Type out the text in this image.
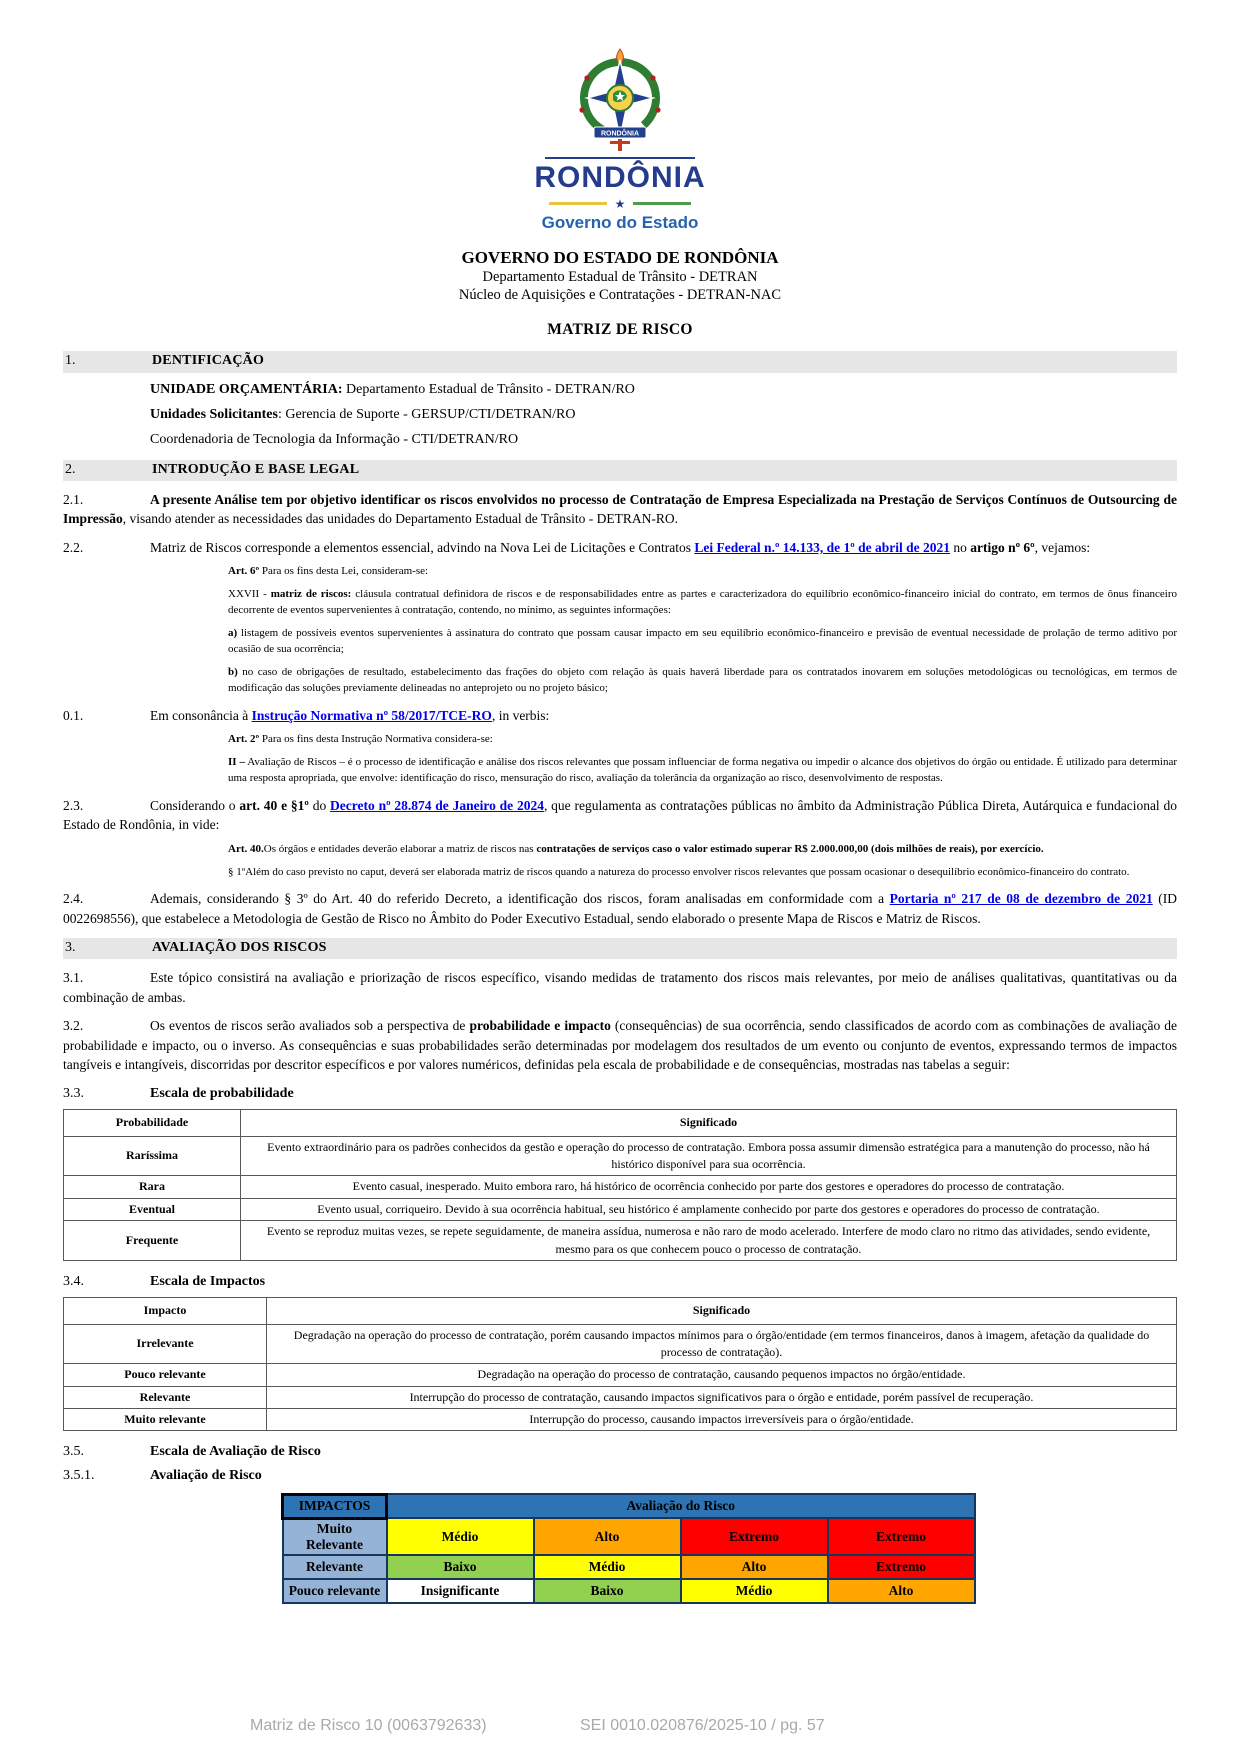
RONDÔNIA
RONDÔNIA
★
Governo do Estado
GOVERNO DO ESTADO DE RONDÔNIA
Departamento Estadual de Trânsito - DETRAN
Núcleo de Aquisições e Contratações - DETRAN-NAC
MATRIZ DE RISCO
1.	DENTIFICAÇÃO
UNIDADE ORÇAMENTÁRIA: Departamento Estadual de Trânsito - DETRAN/RO
Unidades Solicitantes: Gerencia de Suporte - GERSUP/CTI/DETRAN/RO
Coordenadoria de Tecnologia da Informação - CTI/DETRAN/RO
2.	INTRODUÇÃO E BASE LEGAL

2.1.	A presente Análise tem por objetivo identificar os riscos envolvidos no processo de Contratação de Empresa Especializada na Prestação de Serviços Contínuos de Outsourcing de Impressão, visando atender as necessidades das unidades do Departamento Estadual de Trânsito - DETRAN-RO.

2.2.	Matriz de Riscos corresponde a elementos essencial, advindo na Nova Lei de Licitações e Contratos Lei Federal n.º 14.133, de 1º de abril de 2021 no artigo nº 6º, vejamos:

Art. 6º Para os fins desta Lei, consideram-se:

XXVII - matriz de riscos: cláusula contratual definidora de riscos e de responsabilidades entre as partes e caracterizadora do equilíbrio econômico-financeiro inicial do contrato, em termos de ônus financeiro decorrente de eventos supervenientes à contratação, contendo, no mínimo, as seguintes informações:

a) listagem de possíveis eventos supervenientes à assinatura do contrato que possam causar impacto em seu equilíbrio econômico-financeiro e previsão de eventual necessidade de prolação de termo aditivo por ocasião de sua ocorrência;

b) no caso de obrigações de resultado, estabelecimento das frações do objeto com relação às quais haverá liberdade para os contratados inovarem em soluções metodológicas ou tecnológicas, em termos de modificação das soluções previamente delineadas no anteprojeto ou no projeto básico;

0.1.	Em consonância à Instrução Normativa nº 58/2017/TCE-RO, in verbis:

Art. 2º Para os fins desta Instrução Normativa considera-se:

II – Avaliação de Riscos – é o processo de identificação e análise dos riscos relevantes que possam influenciar de forma negativa ou impedir o alcance dos objetivos do órgão ou entidade. É utilizado para determinar uma resposta apropriada, que envolve: identificação do risco, mensuração do risco, avaliação da tolerância da organização ao risco, desenvolvimento de respostas.

2.3.	Considerando o art. 40 e §1º do Decreto nº 28.874 de Janeiro de 2024, que regulamenta as contratações públicas no âmbito da Administração Pública Direta, Autárquica e fundacional do Estado de Rondônia, in vide:

Art. 40.Os órgãos e entidades deverão elaborar a matriz de riscos nas contratações de serviços caso o valor estimado superar R$ 2.000.000,00 (dois milhões de reais), por exercício.

§ 1ºAlém do caso previsto no caput, deverá ser elaborada matriz de riscos quando a natureza do processo envolver riscos relevantes que possam ocasionar o desequilíbrio econômico-financeiro do contrato.

2.4.	Ademais, considerando § 3º do Art. 40 do referido Decreto, a identificação dos riscos, foram analisadas em conformidade com a Portaria nº 217 de 08 de dezembro de 2021 (ID 0022698556), que estabelece a Metodologia de Gestão de Risco no Âmbito do Poder Executivo Estadual, sendo elaborado o presente Mapa de Riscos e Matriz de Riscos.

3.	AVALIAÇÃO DOS RISCOS

3.1.	Este tópico consistirá na avaliação e priorização de riscos específico, visando medidas de tratamento dos riscos mais relevantes, por meio de análises qualitativas, quantitativas ou da combinação de ambas.

3.2.	Os eventos de riscos serão avaliados sob a perspectiva de probabilidade e impacto (consequências) de sua ocorrência, sendo classificados de acordo com as combinações de avaliação de probabilidade e impacto, ou o inverso. As consequências e suas probabilidades serão determinadas por modelagem dos resultados de um evento ou conjunto de eventos, expressando termos de impactos tangíveis e intangíveis, discorridas por descritor específicos e por valores numéricos, definidas pela escala de probabilidade e de consequências, mostradas nas tabelas a seguir:

3.3.	Escala de probabilidade
Probabilidade	Significado
Raríssima	Evento extraordinário para os padrões conhecidos da gestão e operação do processo de contratação. Embora possa assumir dimensão estratégica para a manutenção do processo, não há histórico disponível para sua ocorrência.
Rara	Evento casual, inesperado. Muito embora raro, há histórico de ocorrência conhecido por parte dos gestores e operadores do processo de contratação.
Eventual	Evento usual, corriqueiro. Devido à sua ocorrência habitual, seu histórico é amplamente conhecido por parte dos gestores e operadores do processo de contratação.
Frequente	Evento se reproduz muitas vezes, se repete seguidamente, de maneira assídua, numerosa e não raro de modo acelerado. Interfere de modo claro no ritmo das atividades, sendo evidente, mesmo para os que conhecem pouco o processo de contratação.
3.4.	Escala de Impactos
Impacto	Significado
Irrelevante	Degradação na operação do processo de contratação, porém causando impactos mínimos para o órgão/entidade (em termos financeiros, danos à imagem, afetação da qualidade do processo de contratação).
Pouco relevante	Degradação na operação do processo de contratação, causando pequenos impactos no órgão/entidade.
Relevante	Interrupção do processo de contratação, causando impactos significativos para o órgão e entidade, porém passível de recuperação.
Muito relevante	Interrupção do processo, causando impactos irreversíveis para o órgão/entidade.
3.5.	Escala de Avaliação de Risco
3.5.1.	Avaliação de Risco
IMPACTOS	Avaliação do Risco			
Muito Relevante	Médio	Alto	Extremo	Extremo
Relevante	Baixo	Médio	Alto	Extremo
Pouco relevante	Insignificante	Baixo	Médio	Alto
Matriz de Risco 10 (0063792633)	SEI 0010.020876/2025-10 / pg. 57
